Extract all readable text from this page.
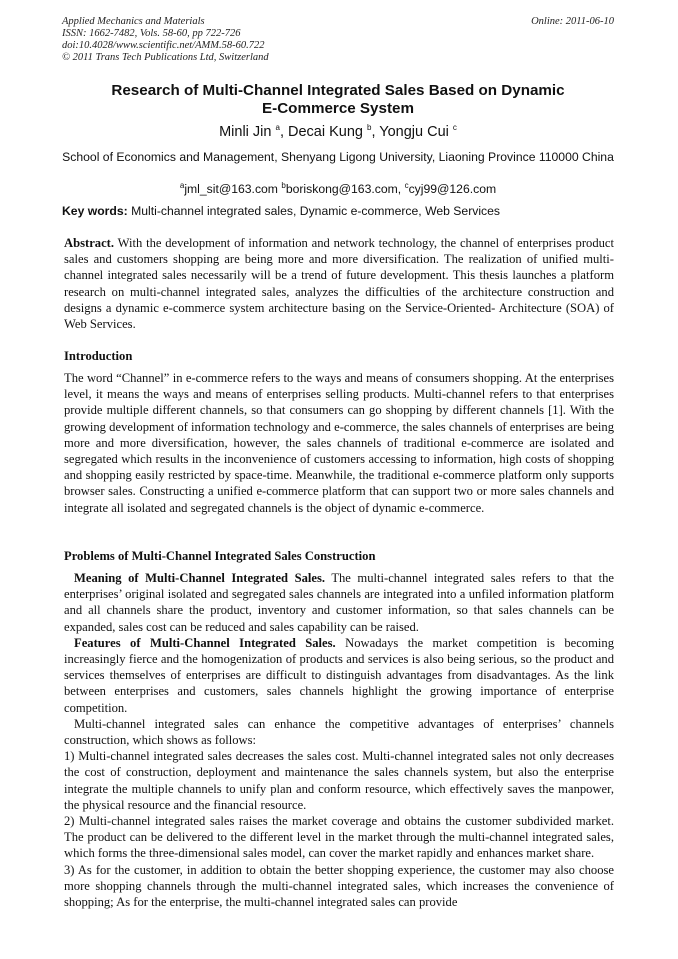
Applied Mechanics and Materials
ISSN: 1662-7482, Vols. 58-60, pp 722-726
doi:10.4028/www.scientific.net/AMM.58-60.722
© 2011 Trans Tech Publications Ltd, Switzerland
Online: 2011-06-10
Research of Multi-Channel Integrated Sales Based on Dynamic
E-Commerce System
Minli Jin $^a$, Decai Kung $^b$, Yongju Cui $^c$
School of Economics and Management, Shenyang Ligong University, Liaoning Province 110000 China
$^a$jml_sit@163.com $^b$boriskong@163.com, $^c$cyj99@126.com
Key words: Multi-channel integrated sales, Dynamic e-commerce, Web Services

Abstract. With the development of information and network technology, the channel of enterprises product sales and customers shopping are being more and more diversification. The realization of unified multi-channel integrated sales necessarily will be a trend of future development. This thesis launches a platform research on multi-channel integrated sales, analyzes the difficulties of the architecture construction and designs a dynamic e-commerce system architecture basing on the Service-Oriented- Architecture (SOA) of Web Services.

Introduction

The word “Channel” in e-commerce refers to the ways and means of consumers shopping. At the enterprises level, it means the ways and means of enterprises selling products. Multi-channel refers to that enterprises provide multiple different channels, so that consumers can go shopping by different channels [1]. With the growing development of information technology and e-commerce, the sales channels of enterprises are being more and more diversification, however, the sales channels of traditional e-commerce are isolated and segregated which results in the inconvenience of customers accessing to information, high costs of shopping and shopping easily restricted by space-time. Meanwhile, the traditional e-commerce platform only supports browser sales. Constructing a unified e-commerce platform that can support two or more sales channels and integrate all isolated and segregated channels is the object of dynamic e-commerce.

Problems of Multi-Channel Integrated Sales Construction

Meaning of Multi-Channel Integrated Sales. The multi-channel integrated sales refers to that the enterprises’ original isolated and segregated sales channels are integrated into a unfiled information platform and all channels share the product, inventory and customer information, so that sales channels can be expanded, sales cost can be reduced and sales capability can be raised.

Features of Multi-Channel Integrated Sales. Nowadays the market competition is becoming increasingly fierce and the homogenization of products and services is also being serious, so the product and services themselves of enterprises are difficult to distinguish advantages from disadvantages. As the link between enterprises and customers, sales channels highlight the growing importance of enterprise competition.

Multi-channel integrated sales can enhance the competitive advantages of enterprises’ channels construction, which shows as follows:

1) Multi-channel integrated sales decreases the sales cost. Multi-channel integrated sales not only decreases the cost of construction, deployment and maintenance the sales channels system, but also the enterprise integrate the multiple channels to unify plan and conform resource, which effectively saves the manpower, the physical resource and the financial resource.

2) Multi-channel integrated sales raises the market coverage and obtains the customer subdivided market. The product can be delivered to the different level in the market through the multi-channel integrated sales, which forms the three-dimensional sales model, can cover the market rapidly and enhances market share.

3) As for the customer, in addition to obtain the better shopping experience, the customer may also choose more shopping channels through the multi-channel integrated sales, which increases the convenience of shopping; As for the enterprise, the multi-channel integrated sales can provide
